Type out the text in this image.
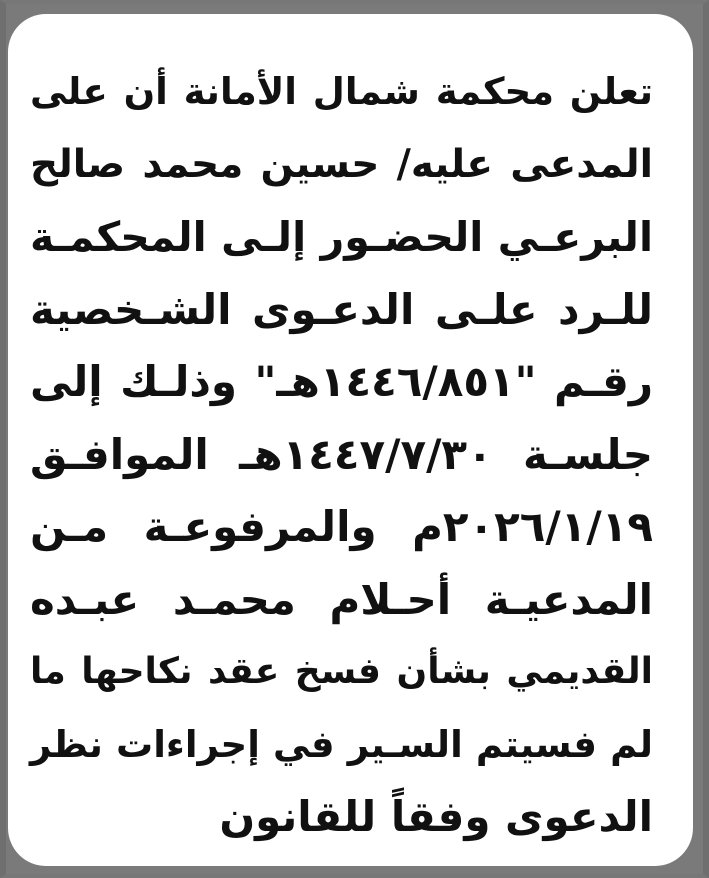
تعلن محكمة شمال الأمانة أن على
المدعى عليه/ حسين محمد صالح
البرعـي الحضـور إلـى المحكمـة
للـرد علـى الدعـوى الشـخصية
رقـم "١٤٤٦/٨٥١هـ" وذلـك إلى
جلسـة ١٤٤٧/٧/٣٠هـ الموافـق
٢٠٢٦/١/١٩م والمرفوعـة مـن
المدعيـة أحـلام محمـد عبـده
القديمي بشأن فسخ عقد نكاحها ما
لم فسيتم السـير في إجراءات نظر
الدعوى وفقاً للقانون
